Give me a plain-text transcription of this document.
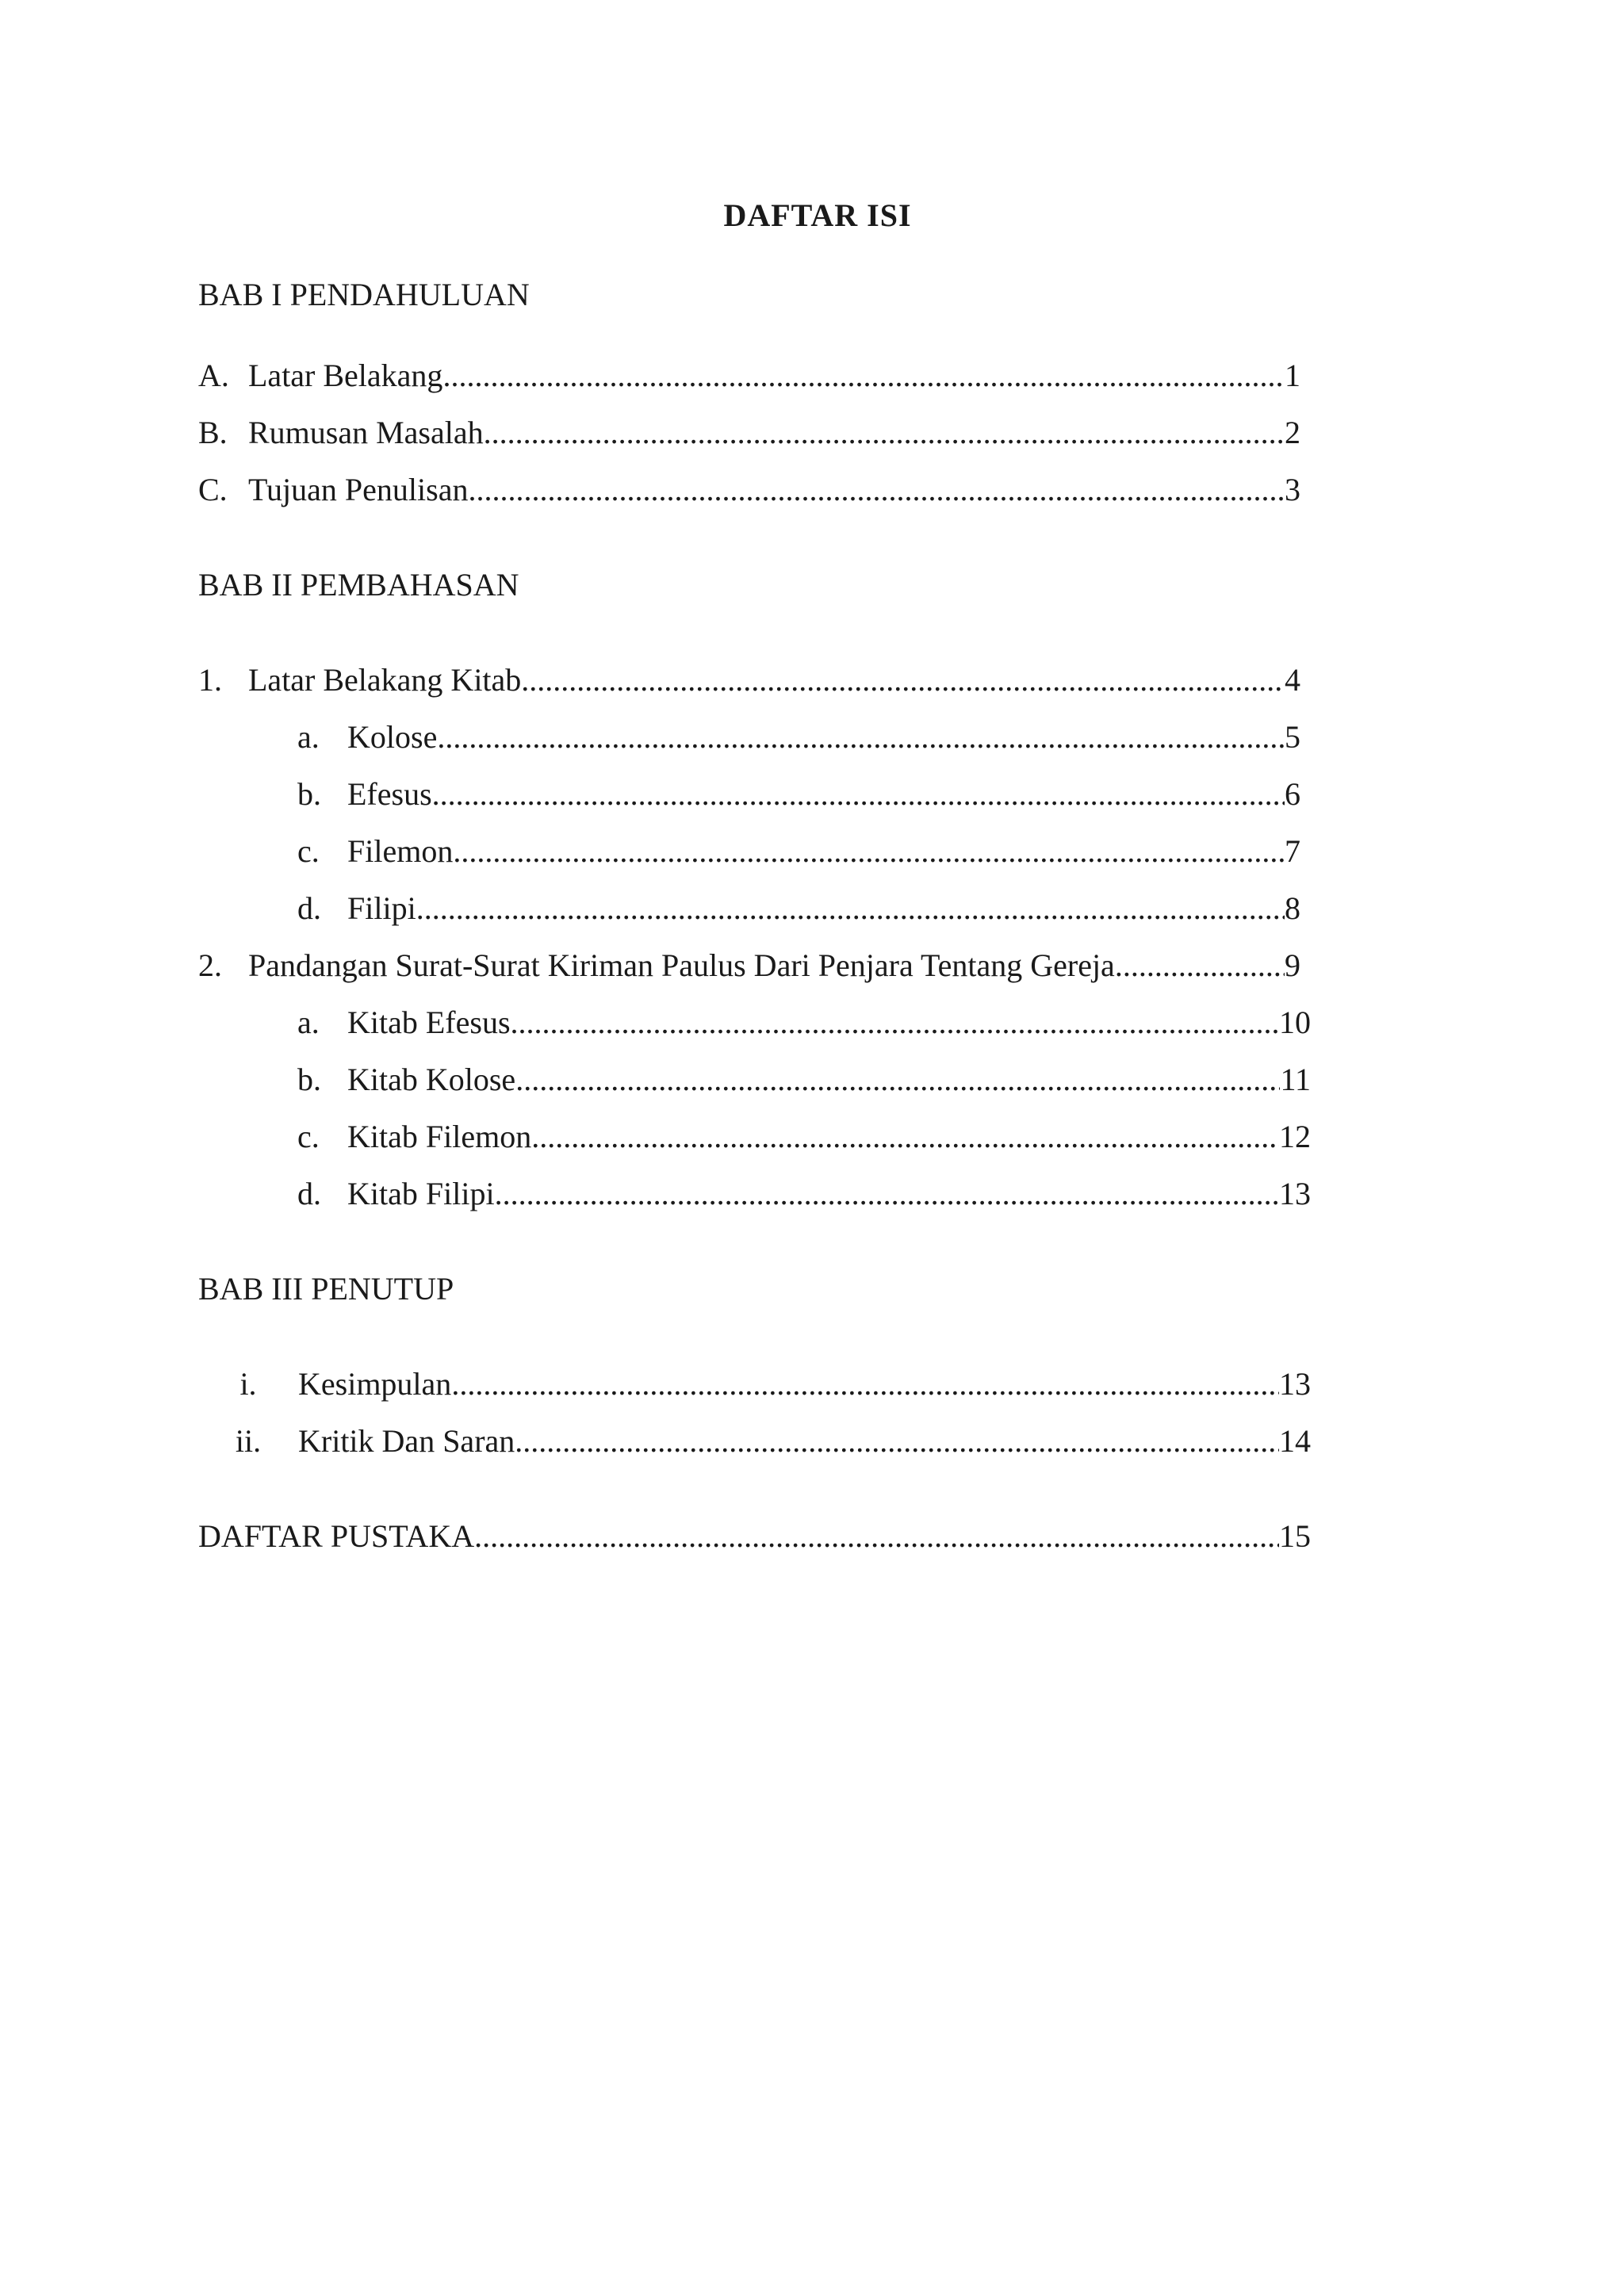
DAFTAR ISI
BAB I PENDAHULUAN
A. Latar Belakang .....	1
B. Rumusan Masalah .....	2
C. Tujuan Penulisan .....	3
BAB II PEMBAHASAN
1. Latar Belakang Kitab .....	4
a. Kolose .....	5
b. Efesus .....	6
c. Filemon .....	7
d. Filipi .....	8
2. Pandangan Surat-Surat Kiriman Paulus Dari Penjara Tentang Gereja .....	9
a. Kitab Efesus .....	10
b. Kitab Kolose .....	11
c. Kitab Filemon .....	12
d. Kitab Filipi .....	13
BAB III PENUTUP
i.	Kesimpulan .....	13
ii.	Kritik Dan Saran .....	14
DAFTAR PUSTAKA .....	15
